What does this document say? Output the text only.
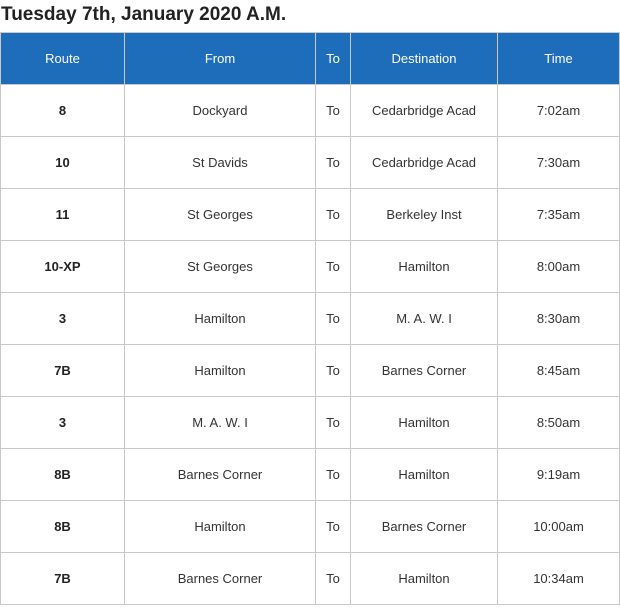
Tuesday 7th, January 2020 A.M.
Route	From	To	Destination	Time
8	Dockyard	To	Cedarbridge Acad	7:02am
10	St Davids	To	Cedarbridge Acad	7:30am
11	St Georges	To	Berkeley Inst	7:35am
10-XP	St Georges	To	Hamilton	8:00am
3	Hamilton	To	M. A. W. I	8:30am
7B	Hamilton	To	Barnes Corner	8:45am
3	M. A. W. I	To	Hamilton	8:50am
8B	Barnes Corner	To	Hamilton	9:19am
8B	Hamilton	To	Barnes Corner	10:00am
7B	Barnes Corner	To	Hamilton	10:34am
